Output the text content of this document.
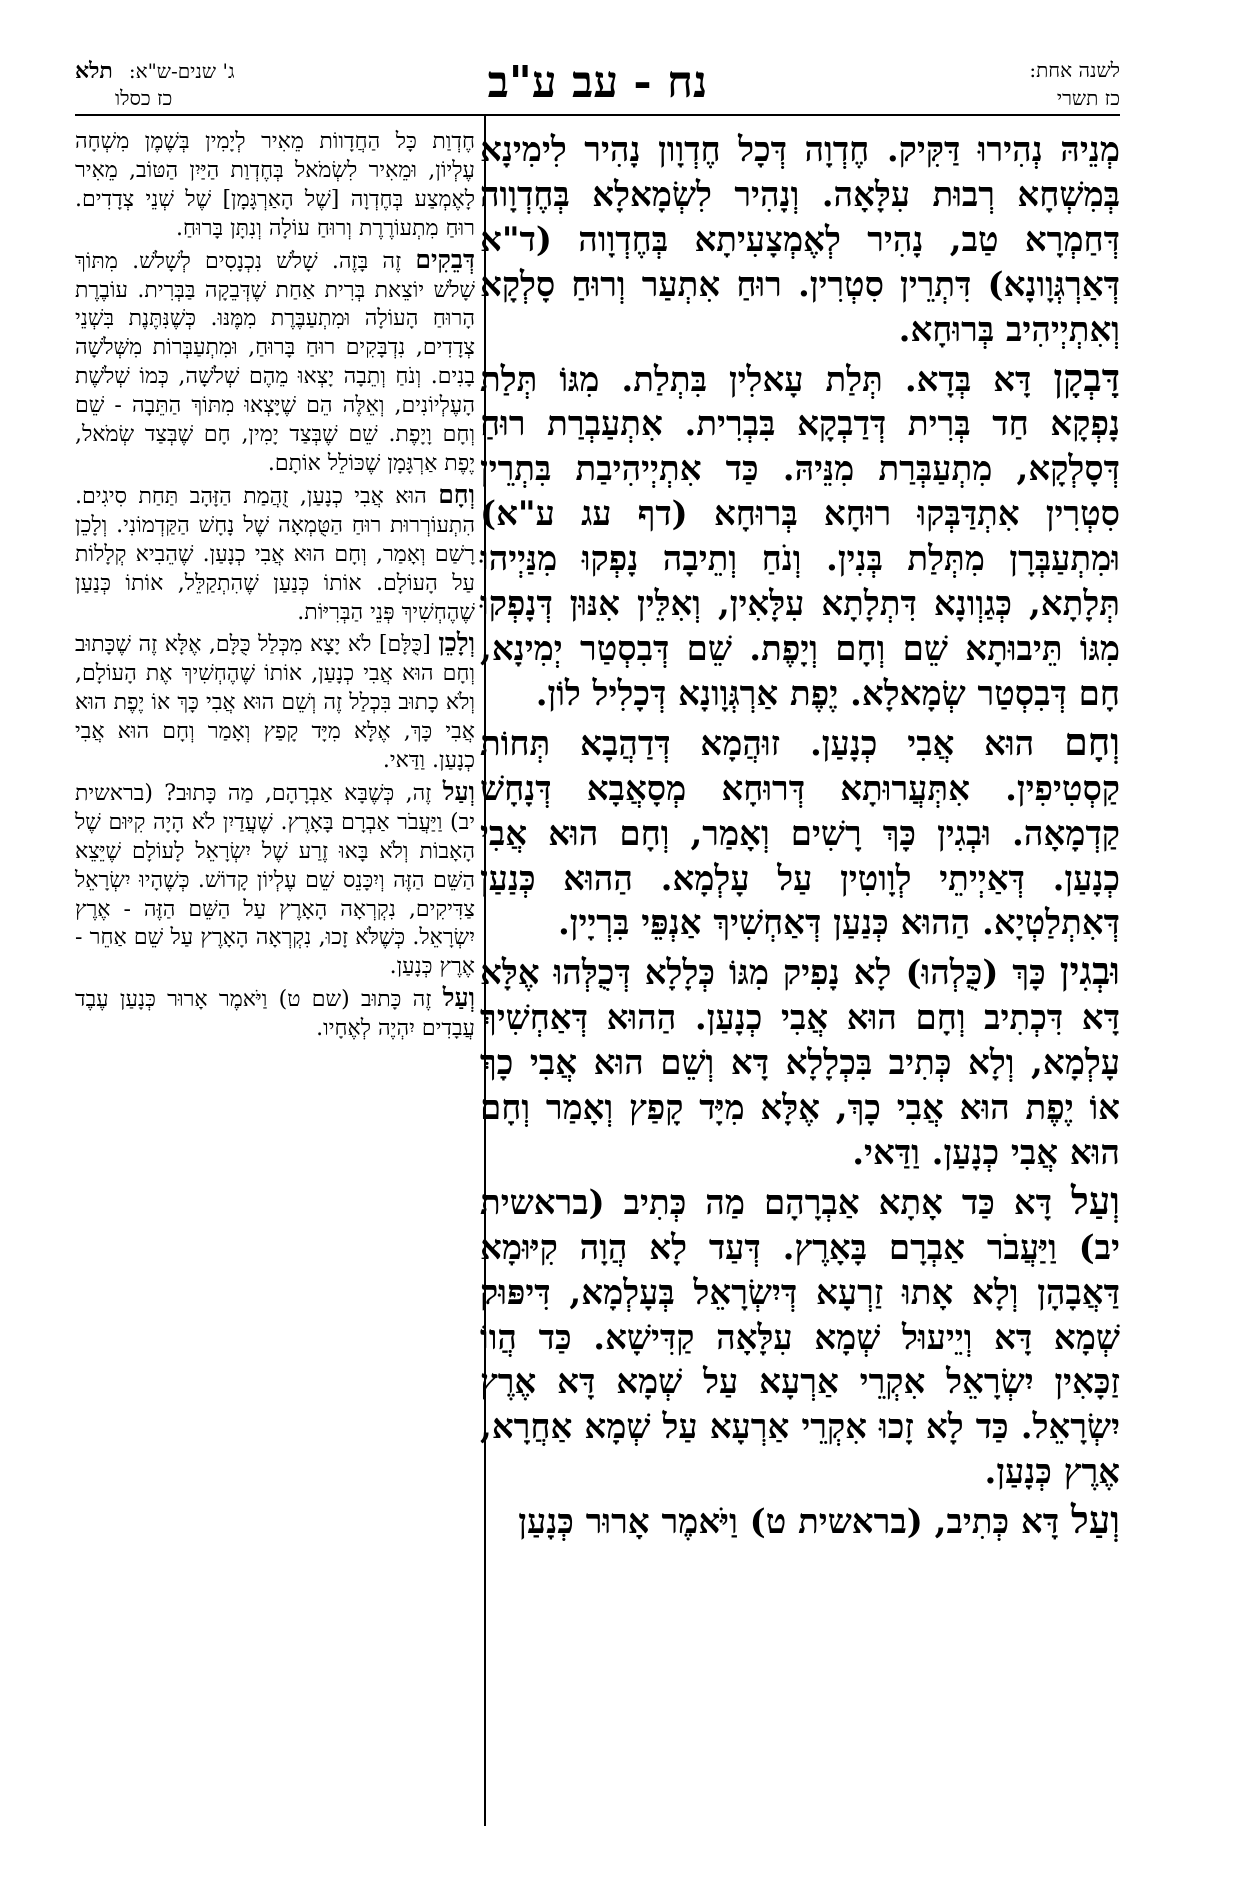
לשנה אחת:
כז תשרי
נח - עב ע"ב
ג' שנים-ש"א:תלא
כז כסלו

מְנֵיהּ נְהִירוּ דַּקִּיק. חֶדְוָה דְּכָל חֶדְוָון נָהִיר לִימִינָא בְּמִשְׁחָא רְבוּת עִלָּאָה. וְנָהִיר לִשְׂמָאלָא בְּחֶדְוָוה דְּחַמְרָא טַב, נָהִיר לְאֶמְצָעִיתָא בְּחֶדְוָוה (ד"א דְּאַרְגְּוָונָא) דִּתְרֵין סִטְרִין. רוּחַ אִתְעַר וְרוּחַ סָלְקָא וְאִתְיְיהִיב בְּרוּחָא.

דָּבְקָן דָּא בְּדָא. תְּלַת עָאלִין בִּתְלַת. מִגּוֹ תְּלַת נָפְקָא חַד בְּרִית דְּדַבְקָא בִּבְרִית. אִתְעַבְרַת רוּחַ דְּסָלְקָא, מִתְעַבְּרַת מִנֵּיהּ. כַּד אִתְיְיהִיבַת בִּתְרֵין סִטְרִין אִתְדַּבְּקוּ רוּחָא בְּרוּחָא (דף עג ע"א) וּמִתְעַבְּרָן מִתְּלַת בְּנִין. וְנֹחַ וְתֵיבָה נָפְקוּ מִנַּיְיהוּ תְּלָתָא, כְּגַוְונָא דִּתְלָתָא עִלָּאִין, וְאִלֵּין אִנּוּן דְּנָפְקוּ מִגּוֹ תֵּיבוּתָא שֵׁם וְחָם וְיָפֶת. שֵׁם דְּבִסְטַר יְמִינָא, חָם דְּבִסְטַר שְׂמָאלָא. יֶפֶת אַרְגְּוָונָא דְּכָלִיל לוֹן.

וְחָם הוּא אֲבִי כְנָעַן. זוּהֲמָא דְּדַהֲבָא תְּחוֹת קַסְטִיפִין. אִתְּעֲרוּתָא דְּרוּחָא מְסָאֲבָא דְּנָחָשׁ קַדְמָאָה. וּבְגִין כָּךְ רָשִׁים וְאָמַר, וְחָם הוּא אֲבִי כְנָעַן. דְּאַיְיתֵי לְוָוטִין עַל עָלְמָא. הַהוּא כְּנַעַן דְּאִתְלַטְיָא. הַהוּא כְּנַעַן דְּאַחְשִׁיךְ אַנְפֵּי בִּרְיָין.

וּבְגִין כָּךְ (כֻּלְהוּ) לָא נָפִיק מִגּוֹ כְּלָלָא דְּכֻלְּהוּ אֶלָּא דָּא דִּכְתִיב וְחָם הוּא אֲבִי כְנָעַן. הַהוּא דְּאַחְשִׁיךְ עָלְמָא, וְלָא כְּתִיב בִּכְלָלָא דָּא וְשֵׁם הוּא אֲבִי כָךְ אוֹ יֶפֶת הוּא אֲבִי כָךְ, אֶלָּא מִיָּד קָפַץ וְאָמַר וְחָם הוּא אֲבִי כְנָעַן. וַדַּאי.

וְעַל דָּא כַּד אָתָא אַבְרָהָם מַה כְּתִיב (בראשית יב) וַיַּעֲבֹר אַבְרָם בָּאָרֶץ. דְּעַד לָא הֲוָה קִיּוּמָא דַּאֲבָהָן וְלָא אָתוּ זַרְעָא דְּיִשְׂרָאֵל בְּעָלְמָא, דִּיפּוּק שְׁמָא דָּא וְיֵיעוּל שְׁמָא עִלָּאָה קַדִּישָׁא. כַּד הֲווֹ זַכָּאִין יִשְׂרָאֵל אִקְרֵי אַרְעָא עַל שְׁמָא דָּא אֶרֶץ יִשְׂרָאֵל. כַּד לָא זָכוּ אִקְרֵי אַרְעָא עַל שְׁמָא אַחֲרָא, אֶרֶץ כְּנָעַן.

וְעַל דָּא כְּתִיב, (בראשית ט) וַיֹּאמֶר אָרוּר כְּנָעַן

חֶדְוַת כָּל הַחֲדָווֹת מֵאִיר לְיָמִין בְּשֶׁמֶן מִשְׁחָה עֶלְיוֹן, וּמֵאִיר לִשְׂמֹאל בְּחֶדְוַת הַיַּיִן הַטּוֹב, מֵאִיר לָאֶמְצַע בְּחֶדְוָה [שֶׁל הָאַרְגָּמָן] שֶׁל שְׁנֵי צְדָדִים. רוּחַ מִתְעוֹרֶרֶת וְרוּחַ עוֹלָה וְנִתָּן בָּרוּחַ.

דְּבֵקִים זֶה בָּזֶה. שָׁלֹשׁ נִכְנָסִים לְשָׁלֹשׁ. מִתּוֹךְ שָׁלֹשׁ יוֹצֵאת בְּרִית אַחַת שֶׁדְּבֵקָה בַּבְּרִית. עוֹבֶרֶת הָרוּחַ הָעוֹלָה וּמִתְעַבֶּרֶת מִמֶּנּוּ. כְּשֶׁנִּתֶּנֶת בִּשְׁנֵי צְדָדִים, נִדְבָּקִים רוּחַ בָּרוּחַ, וּמִתְעַבְּרוֹת מִשְּׁלֹשָׁה בָנִים. וְנֹחַ וְתֵבָה יָצְאוּ מֵהֶם שְׁלֹשָׁה, כְּמוֹ שְׁלֹשֶׁת הָעֶלְיוֹנִים, וְאֵלֶּה הֵם שֶׁיָּצְאוּ מִתּוֹךְ הַתֵּבָה - שֵׁם וְחָם וָיָפֶת. שֵׁם שֶׁבְּצַד יָמִין, חָם שֶׁבְּצַד שְׂמֹאל, יֶפֶת אַרְגָּמָן שֶׁכּוֹלֵל אוֹתָם.

וְחָם הוּא אֲבִי כְנָעַן, זֻהֲמַת הַזָּהָב תַּחַת סִיגִים. הִתְעוֹרְרוּת רוּחַ הַטֻּמְאָה שֶׁל נָחָשׁ הַקַּדְמוֹנִי. וְלָכֵן רָשַׁם וְאָמַר, וְחָם הוּא אֲבִי כְנָעַן. שֶׁהֵבִיא קְלָלוֹת עַל הָעוֹלָם. אוֹתוֹ כְּנַעַן שֶׁהִתְקַלֵּל, אוֹתוֹ כְּנַעַן שֶׁהֶחְשִׁיךְ פְּנֵי הַבְּרִיּוֹת.

וְלָכֵן [כֻּלָּם] לֹא יָצָא מִכְּלַל כֻּלָּם, אֶלָּא זֶה שֶׁכָּתוּב וְחָם הוּא אֲבִי כְנָעַן, אוֹתוֹ שֶׁהֶחְשִׁיךְ אֶת הָעוֹלָם, וְלֹא כָתוּב בִּכְלַל זֶה וְשֵׁם הוּא אֲבִי כָּךְ אוֹ יֶפֶת הוּא אֲבִי כָּךְ, אֶלָּא מִיָּד קָפַץ וְאָמַר וְחָם הוּא אֲבִי כְנָעַן. וַדַּאי.

וְעַל זֶה, כְּשֶׁבָּא אַבְרָהָם, מַה כָּתוּב? (בראשית יב) וַיַּעֲבֹר אַבְרָם בָּאָרֶץ. שֶׁעֲדַיִן לֹא הָיָה קִיּוּם שֶׁל הָאָבוֹת וְלֹא בָּאוּ זֶרַע שֶׁל יִשְׂרָאֵל לָעוֹלָם שֶׁיֵּצֵא הַשֵּׁם הַזֶּה וְיִכָּנֵס שֵׁם עֶלְיוֹן קָדוֹשׁ. כְּשֶׁהָיוּ יִשְׂרָאֵל צַדִּיקִים, נִקְרְאָה הָאָרֶץ עַל הַשֵּׁם הַזֶּה - אֶרֶץ יִשְׂרָאֵל. כְּשֶׁלֹּא זָכוּ, נִקְרְאָה הָאָרֶץ עַל שֵׁם אַחֵר - אֶרֶץ כְּנָעַן.

וְעַל זֶה כָּתוּב (שם ט) וַיֹּאמֶר אָרוּר כְּנָעַן עֶבֶד עֲבָדִים יִהְיֶה לְאֶחָיו.
